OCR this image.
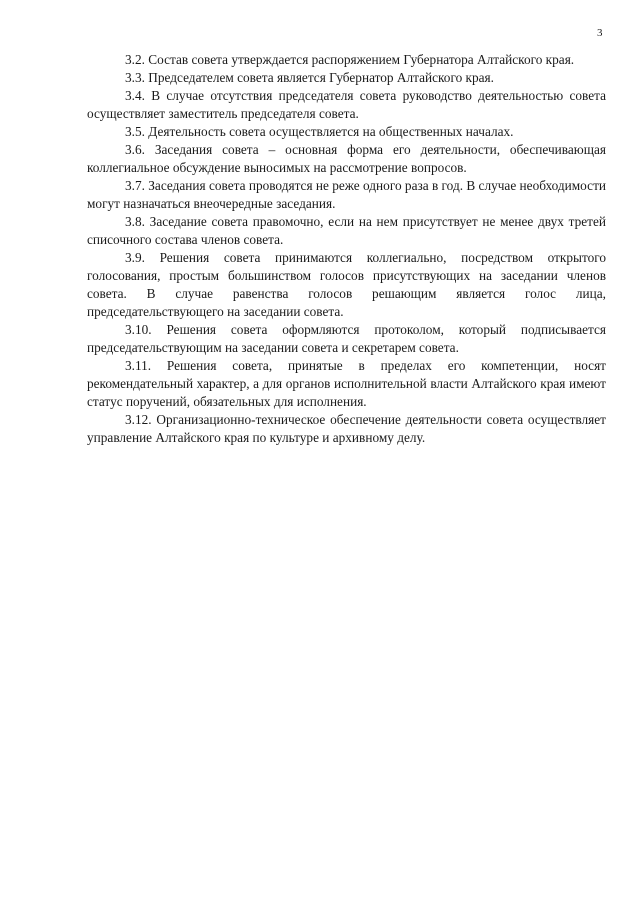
3

3.2. Состав совета утверждается распоряжением Губернатора Алтайского края.

3.3. Председателем совета является Губернатор Алтайского края.

3.4. В случае отсутствия председателя совета руководство деятельностью совета осуществляет заместитель председателя совета.

3.5. Деятельность совета осуществляется на общественных началах.

3.6. Заседания совета – основная форма его деятельности, обеспечивающая коллегиальное обсуждение выносимых на рассмотрение вопросов.

3.7. Заседания совета проводятся не реже одного раза в год. В случае необходимости могут назначаться внеочередные заседания.

3.8. Заседание совета правомочно, если на нем присутствует не менее двух третей списочного состава членов совета.

3.9. Решения совета принимаются коллегиально, посредством открытого голосования, простым большинством голосов присутствующих на заседании членов совета. В случае равенства голосов решающим является голос лица, председательствующего на заседании совета.

3.10. Решения совета оформляются протоколом, который подписывается председательствующим на заседании совета и секретарем совета.

3.11. Решения совета, принятые в пределах его компетенции, носят рекомендательный характер, а для органов исполнительной власти Алтайского края имеют статус поручений, обязательных для исполнения.

3.12. Организационно-техническое обеспечение деятельности совета осуществляет управление Алтайского края по культуре и архивному делу.
